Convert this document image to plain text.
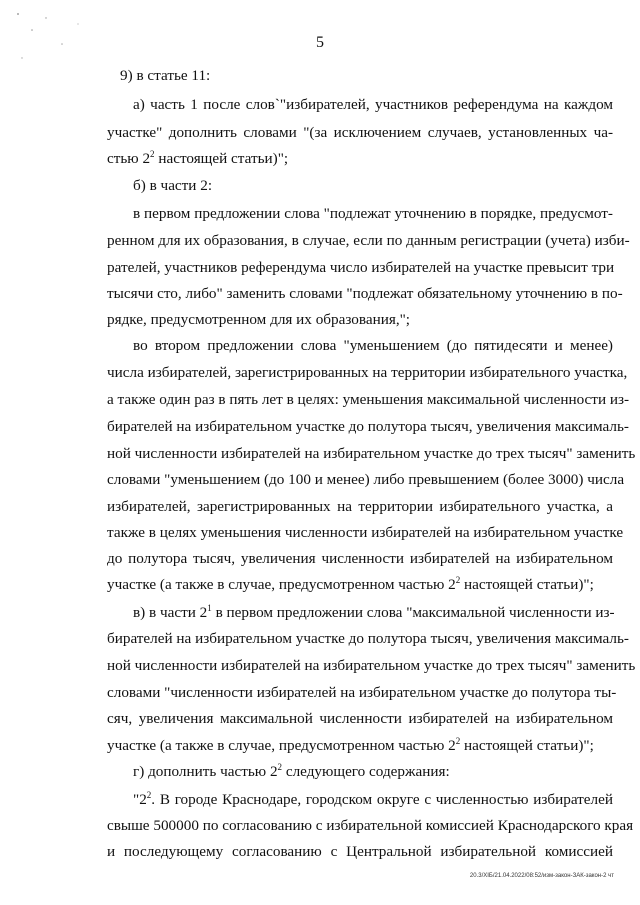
5
9) в статье 11:
а) часть 1 после слов`"избирателей, участников референдума на каждом
участке" дополнить словами "(за исключением случаев, установленных ча-
стью $2^2$ настоящей статьи)";
б) в части 2:
в первом предложении слова "подлежат уточнению в порядке, предусмот-
ренном для их образования, в случае, если по данным регистрации (учета) изби-
рателей, участников референдума число избирателей на участке превысит три
тысячи сто, либо" заменить словами "подлежат обязательному уточнению в по-
рядке, предусмотренном для их образования,";
во втором предложении слова "уменьшением (до пятидесяти и менее)
числа избирателей, зарегистрированных на территории избирательного участка,
а также один раз в пять лет в целях: уменьшения максимальной численности из-
бирателей на избирательном участке до полутора тысяч, увеличения максималь-
ной численности избирателей на избирательном участке до трех тысяч" заменить
словами "уменьшением (до 100 и менее) либо превышением (более 3000) числа
избирателей, зарегистрированных на территории избирательного участка, а
также в целях уменьшения численности избирателей на избирательном участке
до полутора тысяч, увеличения численности избирателей на избирательном
участке (а также в случае, предусмотренном частью $2^2$ настоящей статьи)";
в) в части $2^1$ в первом предложении слова "максимальной численности из-
бирателей на избирательном участке до полутора тысяч, увеличения максималь-
ной численности избирателей на избирательном участке до трех тысяч" заменить
словами "численности избирателей на избирательном участке до полутора ты-
сяч, увеличения максимальной численности избирателей на избирательном
участке (а также в случае, предусмотренном частью $2^2$ настоящей статьи)";
г) дополнить частью $2^2$ следующего содержания:
"$2^2$. В городе Краснодаре, городском округе с численностью избирателей
свыше 500000 по согласованию с избирательной комиссией Краснодарского края
и последующему согласованию с Центральной избирательной комиссией
20.3/XIБ/21.04.2022/08:52/изм-закон-ЗАК-закон-2 чт
